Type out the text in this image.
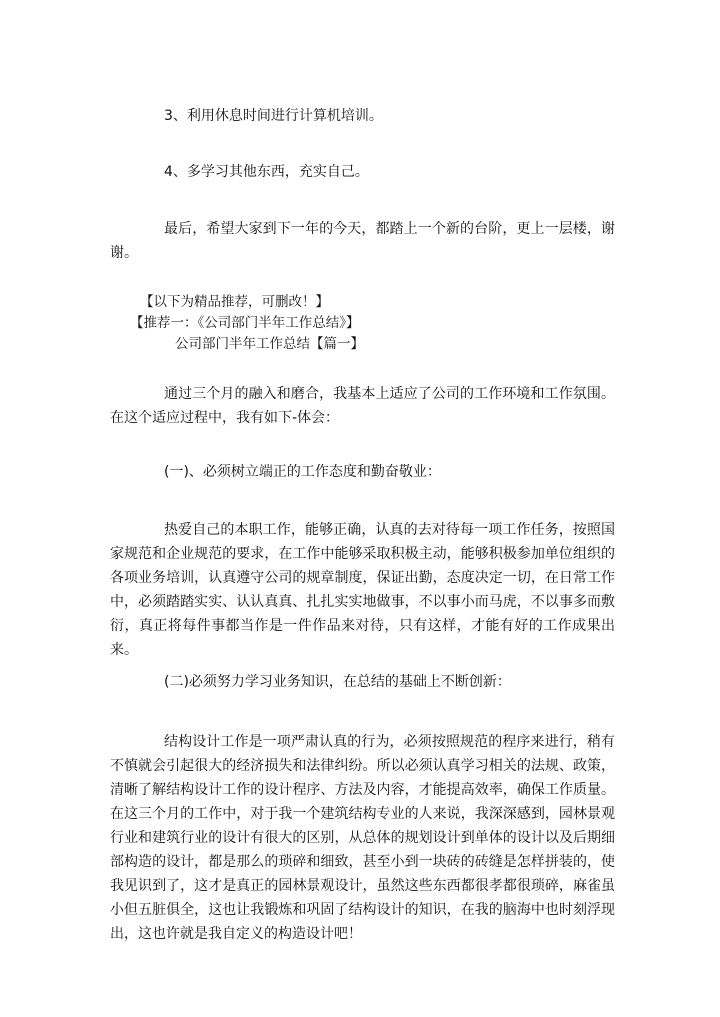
3、利用休息时间进行计算机培训。
4、多学习其他东西，充实自己。

最后，希望大家到下一年的今天，都踏上一个新的台阶，更上一层楼，谢谢。

【以下为精品推荐，可删改！】
【推荐一：《公司部门半年工作总结》】
公司部门半年工作总结【篇一】

通过三个月的融入和磨合，我基本上适应了公司的工作环境和工作氛围。在这个适应过程中，我有如下-体会：

(一)、必须树立端正的工作态度和勤奋敬业：

热爱自己的本职工作，能够正确，认真的去对待每一项工作任务，按照国家规范和企业规范的要求，在工作中能够采取积极主动，能够积极参加单位组织的各项业务培训，认真遵守公司的规章制度，保证出勤，态度决定一切，在日常工作中，必须踏踏实实、认认真真、扎扎实实地做事，不以事小而马虎，不以事多而敷衍，真正将每件事都当作是一件作品来对待，只有这样，才能有好的工作成果出来。

(二)必须努力学习业务知识，在总结的基础上不断创新：

结构设计工作是一项严肃认真的行为，必须按照规范的程序来进行，稍有不慎就会引起很大的经济损失和法律纠纷。所以必须认真学习相关的法规、政策，清晰了解结构设计工作的设计程序、方法及内容，才能提高效率，确保工作质量。在这三个月的工作中，对于我一个建筑结构专业的人来说，我深深感到，园林景观行业和建筑行业的设计有很大的区别，从总体的规划设计到单体的设计以及后期细部构造的设计，都是那么的琐碎和细致，甚至小到一块砖的砖缝是怎样拼装的，使我见识到了，这才是真正的园林景观设计，虽然这些东西都很孝都很琐碎，麻雀虽小但五脏俱全，这也让我锻炼和巩固了结构设计的知识，在我的脑海中也时刻浮现出，这也许就是我自定义的构造设计吧！
